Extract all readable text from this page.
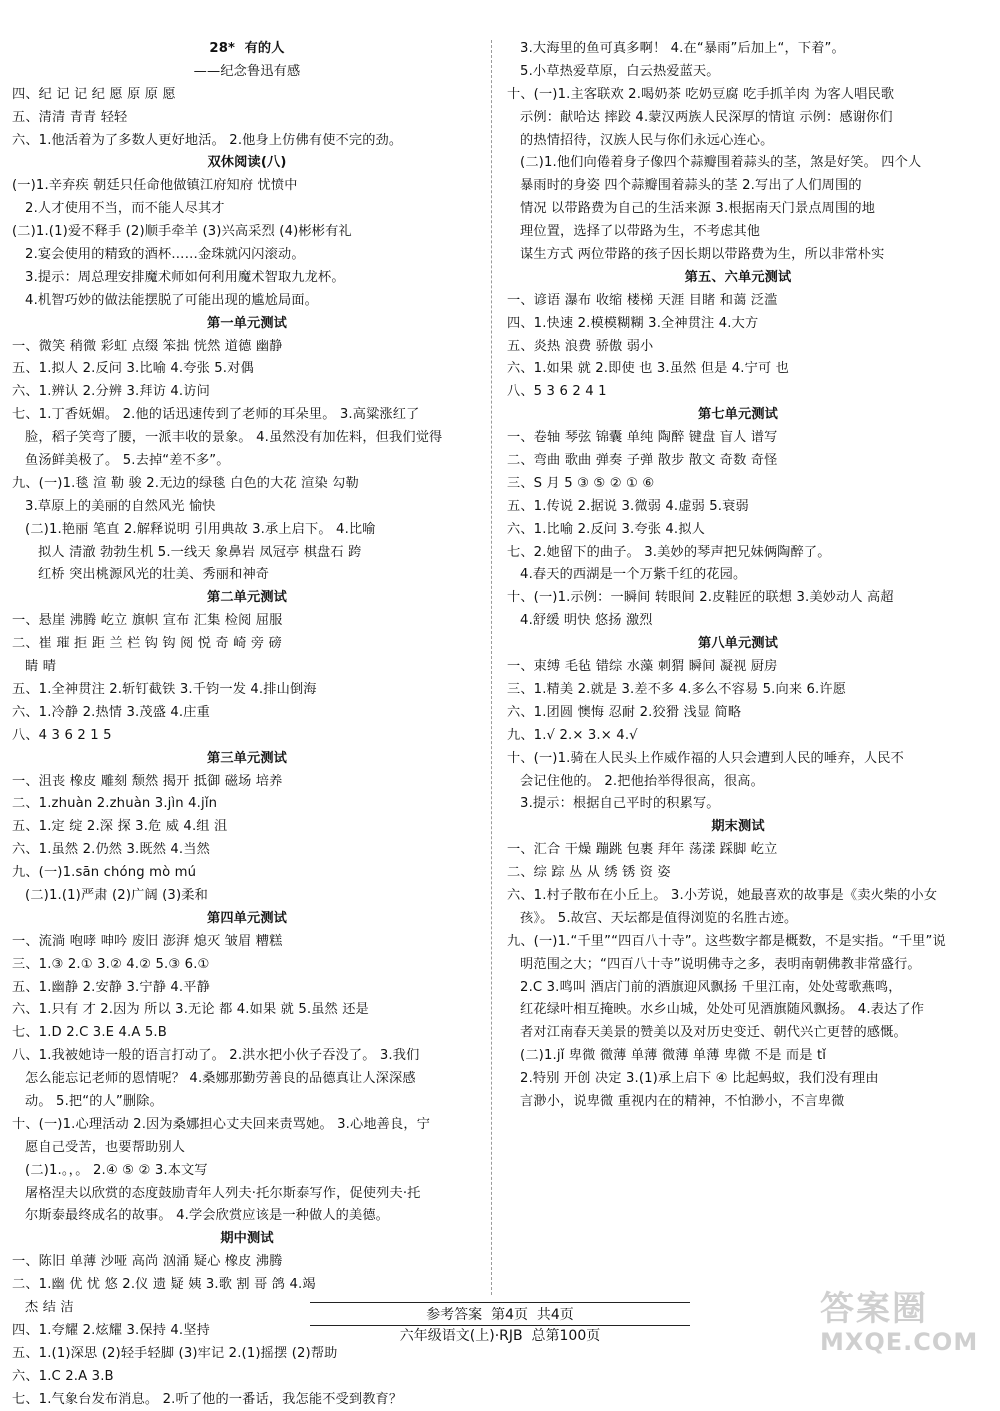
28*  有的人
——纪念鲁迅有感
四、纪 记 记 纪 愿 原 原 愿
五、清清 青青 轻轻
六、1.他活着为了多数人更好地活。 2.他身上仿佛有使不完的劲。
双休阅读(八)
(一)1.辛弃疾 朝廷只任命他做镇江府知府 忧愤中
2.人才使用不当，而不能人尽其才
(二)1.(1)爱不释手 (2)顺手牵羊 (3)兴高采烈 (4)彬彬有礼
2.宴会使用的精致的酒杯……金珠就闪闪滚动。
3.提示：周总理安排魔术师如何利用魔术智取九龙杯。
4.机智巧妙的做法能摆脱了可能出现的尴尬局面。
第一单元测试
一、微笑 稍微 彩虹 点缀 笨拙 恍然 道德 幽静
五、1.拟人 2.反问 3.比喻 4.夸张 5.对偶
六、1.辨认 2.分辨 3.拜访 4.访问
七、1.丁香妩媚。 2.他的话迅速传到了老师的耳朵里。 3.高粱涨红了
脸，稻子笑弯了腰，一派丰收的景象。 4.虽然没有加佐料，但我们觉得
鱼汤鲜美极了。 5.去掉“差不多”。
九、(一)1.毯 渲 勒 骏 2.无边的绿毯 白色的大花 渲染 勾勒
3.草原上的美丽的自然风光 愉快
(二)1.艳丽 笔直 2.解释说明 引用典故 3.承上启下。 4.比喻
拟人 清澈 勃勃生机 5.一线天 象鼻岩 凤冠亭 棋盘石 跨
红桥 突出桃源风光的壮美、秀丽和神奇
第二单元测试
一、悬崖 沸腾 屹立 旗帜 宣布 汇集 检阅 屈服
二、崔 璀 拒 距 兰 栏 钩 钩 阅 悦 奇 崎 旁 磅
睛 晴
五、1.全神贯注 2.斩钉截铁 3.千钧一发 4.排山倒海
六、1.冷静 2.热情 3.茂盛 4.庄重
八、4 3 6 2 1 5
第三单元测试
一、沮丧 橡皮 雕刻 颓然 揭开 抵御 磁场 培养
二、1.zhuàn 2.zhuàn 3.jìn 4.jǐn
五、1.定 绽 2.深 探 3.危 威 4.组 沮
六、1.虽然 2.仍然 3.既然 4.当然
九、(一)1.sān chóng mò mú
(二)1.(1)严肃 (2)广阔 (3)柔和
第四单元测试
一、流淌 咆哮 呻吟 废旧 澎湃 熄灭 皱眉 糟糕
三、1.③ 2.① 3.② 4.② 5.③ 6.①
五、1.幽静 2.安静 3.宁静 4.平静
六、1.只有 才 2.因为 所以 3.无论 都 4.如果 就 5.虽然 还是
七、1.D 2.C 3.E 4.A 5.B
八、1.我被她诗一般的语言打动了。 2.洪水把小伙子吞没了。 3.我们
怎么能忘记老师的恩情呢？ 4.桑娜那勤劳善良的品德真让人深深感
动。 5.把“的人”删除。
十、(一)1.心理活动 2.因为桑娜担心丈夫回来责骂她。 3.心地善良，宁
愿自己受苦，也要帮助别人
(二)1.。，。 2.④ ⑤ ② 3.本文写
屠格涅夫以欣赏的态度鼓励青年人列夫·托尔斯泰写作，促使列夫·托
尔斯泰最终成名的故事。 4.学会欣赏应该是一种做人的美德。
期中测试
一、陈旧 单薄 沙哑 高尚 汹涌 疑心 橡皮 沸腾
二、1.幽 优 忧 悠 2.仪 遗 疑 姨 3.歌 割 哥 鸽 4.竭
杰 结 洁
四、1.夸耀 2.炫耀 3.保持 4.坚持
五、1.(1)深思 (2)轻手轻脚 (3)牢记 2.(1)摇摆 (2)帮助
六、1.C 2.A 3.B
七、1.气象台发布消息。 2.听了他的一番话，我怎能不受到教育？
3.大海里的鱼可真多啊！ 4.在“暴雨”后加上“，下着”。
5.小草热爱草原，白云热爱蓝天。
十、(一)1.主客联欢 2.喝奶茶 吃奶豆腐 吃手抓羊肉 为客人唱民歌
示例：献哈达 摔跤 4.蒙汉两族人民深厚的情谊 示例：感谢你们
的热情招待，汉族人民与你们永远心连心。
(二)1.他们向倦着身子像四个蒜瓣围着蒜头的茎，煞是好笑。 四个人
暴雨时的身姿 四个蒜瓣围着蒜头的茎 2.写出了人们周围的
情况 以带路费为自己的生活来源 3.根据南天门景点周围的地
理位置，选择了以带路为生，不考虑其他
谋生方式 两位带路的孩子因长期以带路费为生，所以非常朴实
第五、六单元测试
一、谚语 瀑布 收缩 楼梯 天涯 目睹 和蔼 泛滥
四、1.快速 2.模模糊糊 3.全神贯注 4.大方
五、炎热 浪费 骄傲 弱小
六、1.如果 就 2.即使 也 3.虽然 但是 4.宁可 也
八、5 3 6 2 4 1
第七单元测试
一、卷轴 琴弦 锦囊 单纯 陶醉 键盘 盲人 谱写
二、弯曲 歌曲 弹奏 子弹 散步 散文 奇数 奇怪
三、S 月 5 ③ ⑤ ② ① ⑥
五、1.传说 2.据说 3.微弱 4.虚弱 5.衰弱
六、1.比喻 2.反问 3.夸张 4.拟人
七、2.她留下的曲子。 3.美妙的琴声把兄妹俩陶醉了。
4.春天的西湖是一个万紫千红的花园。
十、(一)1.示例：一瞬间 转眼间 2.皮鞋匠的联想 3.美妙动人 高超
4.舒缓 明快 悠扬 激烈
第八单元测试
一、束缚 毛毡 错综 水藻 刺猬 瞬间 凝视 厨房
三、1.精美 2.就是 3.差不多 4.多么不容易 5.向来 6.许愿
六、1.团圆 懊悔 忍耐 2.狡猾 浅显 简略
九、1.√ 2.× 3.× 4.√
十、(一)1.骑在人民头上作威作福的人只会遭到人民的唾弃，人民不
会记住他的。 2.把他抬举得很高，很高。
3.提示：根据自己平时的积累写。
期末测试
一、汇合 干燥 蹦跳 包裹 拜年 荡漾 踩脚 屹立
二、综 踪 丛 从 绣 锈 资 姿
六、1.村子散布在小丘上。 3.小芳说，她最喜欢的故事是《卖火柴的小女
孩》。 5.故宫、天坛都是值得浏览的名胜古迹。
九、(一)1.“千里”“四百八十寺”。这些数字都是概数，不是实指。“千里”说
明范围之大；“四百八十寺”说明佛寺之多，表明南朝佛教非常盛行。
2.C 3.鸣叫 酒店门前的酒旗迎风飘扬 千里江南，处处莺歌燕鸣，
红花绿叶相互掩映。水乡山城，处处可见酒旗随风飘扬。 4.表达了作
者对江南春天美景的赞美以及对历史变迁、朝代兴亡更替的感慨。
(二)1.jǐ 卑微 微薄 单薄 微薄 单薄 卑微 不是 而是 tǐ
2.特别 开创 决定 3.(1)承上启下 ④ 比起蚂蚁，我们没有理由
言渺小，说卑微 重视内在的精神，不怕渺小，不言卑微
参考答案  第4页  共4页
六年级语文(上)·RJB  总第100页
答案圈
MXQE.COM
